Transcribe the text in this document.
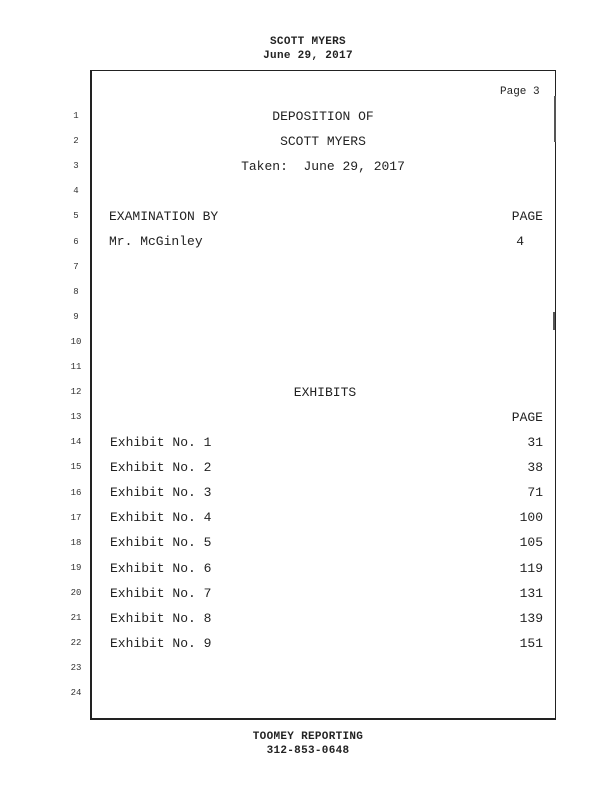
SCOTT MYERS
June 29, 2017
Page 3
1
2
3
4
5
6
7
8
9
10
11
12
13
14
15
16
17
18
19
20
21
22
23
24
DEPOSITION OF
SCOTT MYERS
Taken:  June 29, 2017
EXAMINATION BY	PAGE
Mr. McGinley	4
EXHIBITS
PAGE
Exhibit No. 1	31
Exhibit No. 2	38
Exhibit No. 3	71
Exhibit No. 4	100
Exhibit No. 5	105
Exhibit No. 6	119
Exhibit No. 7	131
Exhibit No. 8	139
Exhibit No. 9	151
TOOMEY REPORTING
312-853-0648
